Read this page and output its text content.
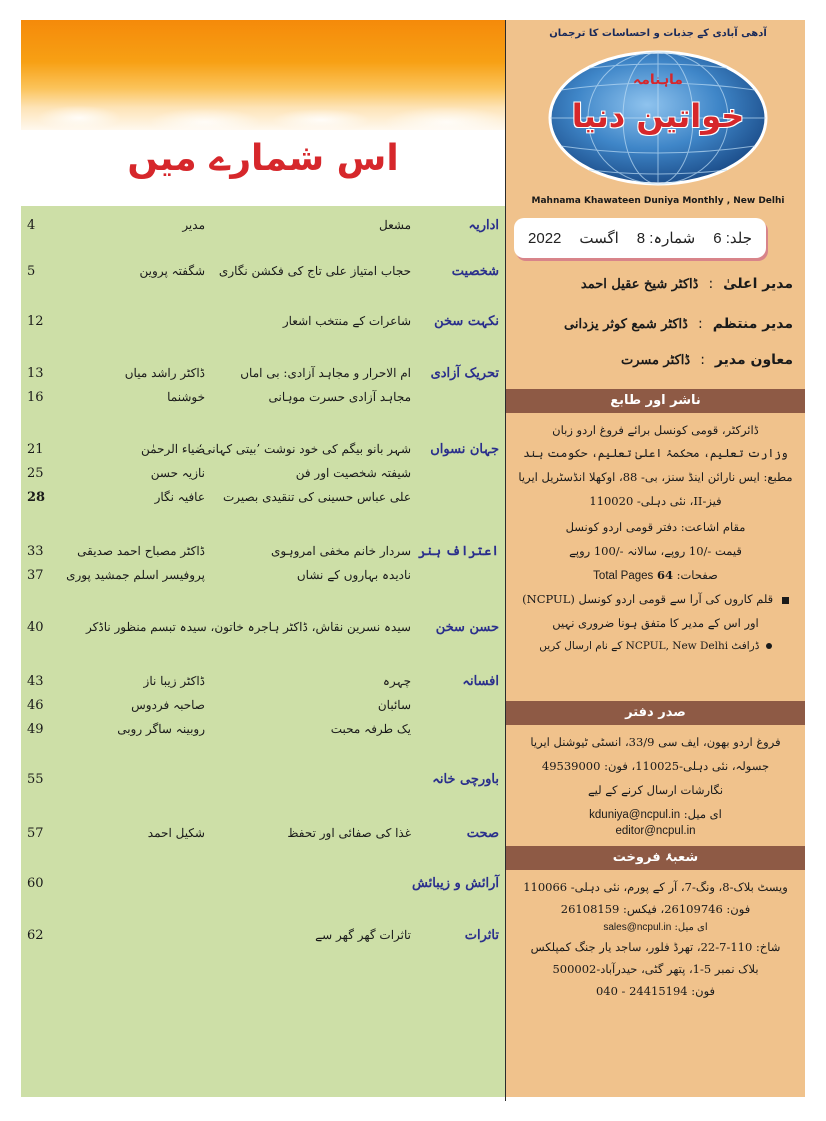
اس شمارے میں
اداریہ
مشعل
مدیر
4
شخصیت
حجاب امتیاز علی تاج کی فکشن نگاری
شگفتہ پروین
5
نکہت سخن
شاعرات کے منتخب اشعار
12
تحریک آزادی
ام الاحرار و مجاہد آزادی: بی اماں
ڈاکٹر راشد میاں
13
مجاہد آزادی حسرت موہانی
خوشنما
16
جہان نسواں
شہر بانو بیگم کی خود نوشت ’بیتی کہانی‘
ضیاء الرحمٰن
21
شیفتہ شخصیت اور فن
نازیہ حسن
25
علی عباس حسینی کی تنقیدی بصیرت
عافیہ نگار
28
اعتراف ہنر
سردار خانم مخفی امروہوی
ڈاکٹر مصباح احمد صدیقی
33
نادیدہ بہاروں کے نشاں
پروفیسر اسلم جمشید پوری
37
حسن سخن
سیدہ نسرین نقاش، ڈاکٹر ہاجرہ خاتون، سیدہ تبسم منظور ناڈکر
40
افسانہ
چہرہ
ڈاکٹر زیبا ناز
43
سائبان
صاحبہ فردوس
46
یک طرفہ محبت
روبینہ ساگر روبی
49
باورچی خانہ
55
صحت
غذا کی صفائی اور تحفظ
شکیل احمد
57
آرائش و زیبائش
60
تاثرات
تاثرات گھر گھر سے
62
آدھی آبادی کے جذبات و احساسات کا ترجمان
ماہنامہ
خواتین دنیا
Mahnama Khawateen Duniya Monthly , New Delhi
جلد: 6
شمارہ: 8
اگست
2022
مدیر اعلیٰ
:
ڈاکٹر شیخ عقیل احمد
مدیر منتظم
:
ڈاکٹر شمع کوثر یزدانی
معاون مدیر
:
ڈاکٹر مسرت
ناشر اور طابع
ڈائرکٹر، قومی کونسل برائے فروغ اردو زبان
وزارت تعلیم، محکمۂ اعلیٰ تعلیم، حکومت ہند
مطبع: ایس نارائن اینڈ سنز، بی- 88، اوکھلا انڈسٹریل ایریا
فیز-II، نئی دہلی- 110020
مقام اشاعت: دفتر قومی اردو کونسل
قیمت -/10 روپے، سالانہ -/100 روپے
صفحات: 64 Total Pages
قلم کاروں کی آرا سے قومی اردو کونسل (NCPUL)
اور اس کے مدیر کا متفق ہونا ضروری نہیں
ڈرافٹ NCPUL, New Delhi کے نام ارسال کریں
صدر دفتر
فروغ اردو بھون، ایف سی 33/9، انسٹی ٹیوشنل ایریا
جسولہ، نئی دہلی-110025، فون: 49539000
نگارشات ارسال کرنے کے لیے
ای میل: kduniya@ncpul.in
editor@ncpul.in
شعبۂ فروخت
ویسٹ بلاک-8، ونگ-7، آر کے پورم، نئی دہلی- 110066
فون: 26109746، فیکس: 26108159
ای میل: sales@ncpul.in
شاخ: 110-7-22، تھرڈ فلور، ساجد یار جنگ کمپلکس
بلاک نمبر 5-1، پتھر گٹی، حیدرآباد-500002
فون: 24415194 - 040
